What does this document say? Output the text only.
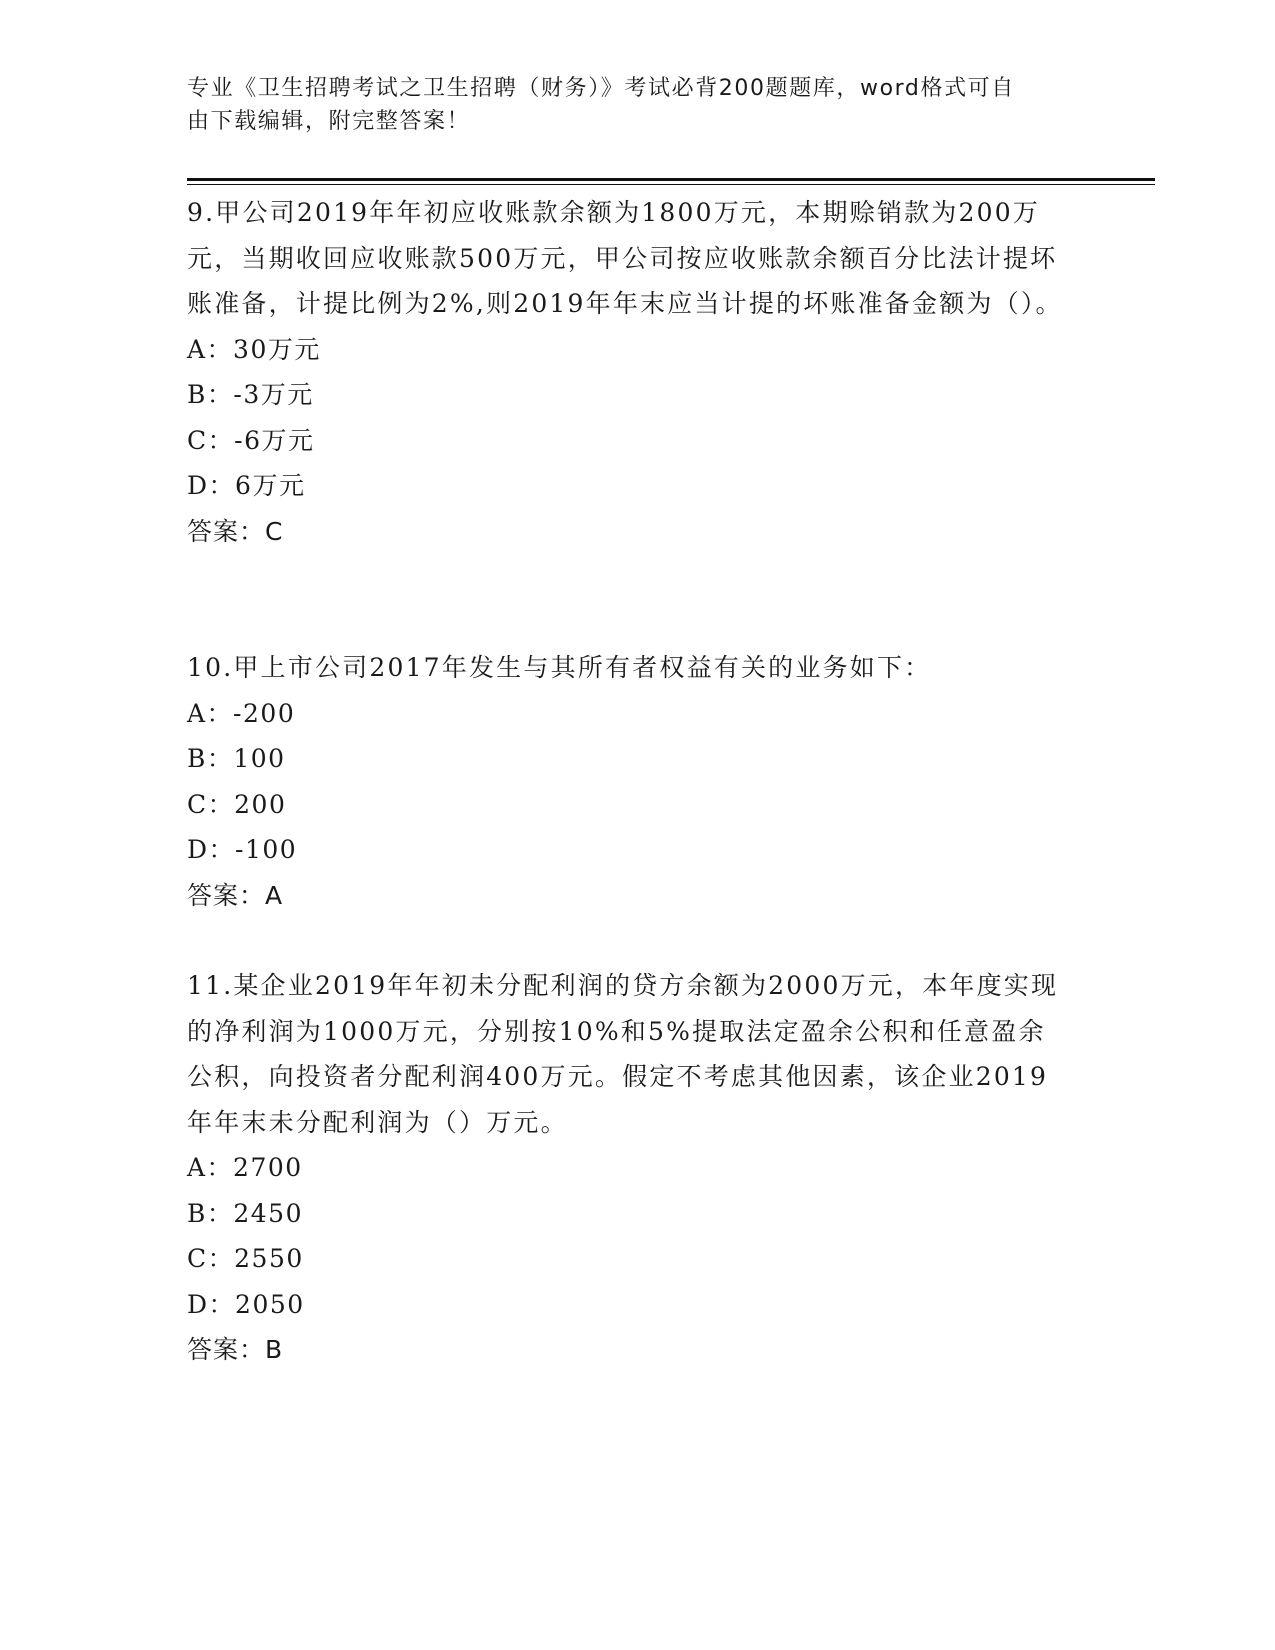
专业《卫生招聘考试之卫生招聘（财务）》考试必背200题题库，word格式可自
由下载编辑，附完整答案！

9.甲公司2019年年初应收账款余额为1800万元，本期赊销款为200万元，当期收回应收账款500万元，甲公司按应收账款余额百分比法计提坏账准备，计提比例为2%,则2019年年末应当计提的坏账准备金额为（）。

A：30万元

B：-3万元

C：-6万元

D：6万元

答案：C

10.甲上市公司2017年发生与其所有者权益有关的业务如下：

A：-200

B：100

C：200

D：-100

答案：A

11.某企业2019年年初未分配利润的贷方余额为2000万元，本年度实现的净利润为1000万元，分别按10%和5%提取法定盈余公积和任意盈余公积，向投资者分配利润400万元。假定不考虑其他因素，该企业2019年年末未分配利润为（）万元。

A：2700

B：2450

C：2550

D：2050

答案：B
